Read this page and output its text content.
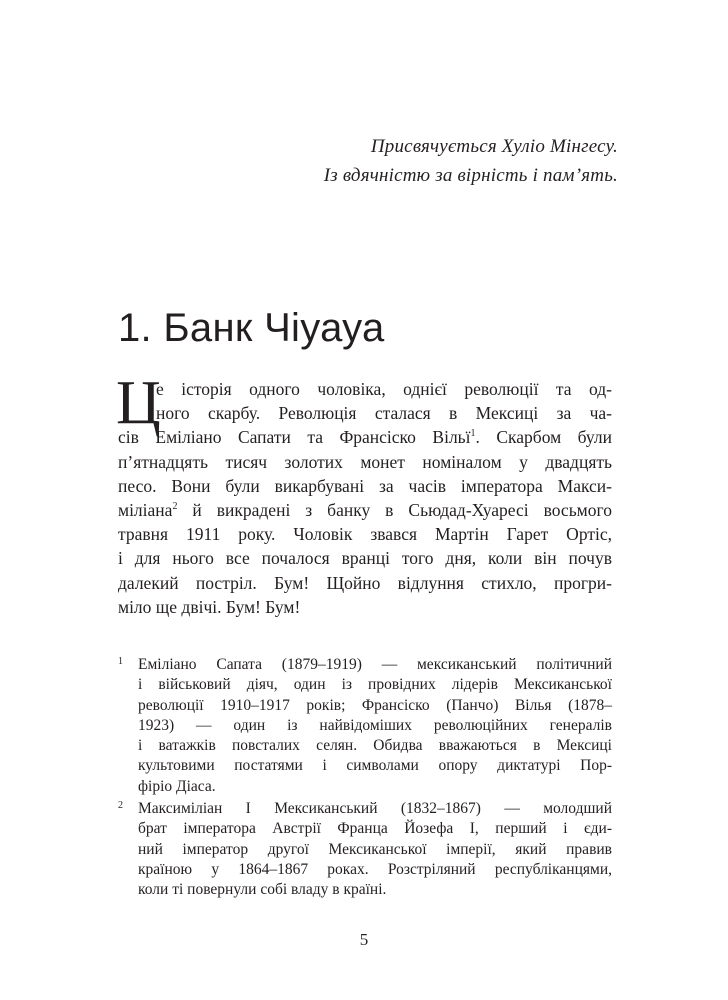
Присвячується Хуліо Мінгесу.
Із вдячністю за вірність і пам’ять.
1. Банк Чіуауа
Ц
е історія одного чоловіка, однієї революції та од-
ного скарбу. Революція сталася в Мексиці за ча-
сів Еміліано Сапати та Франсіско Вільї$^1$. Скарбом були
п’ятнадцять тисяч золотих монет номіналом у двадцять
песо. Вони були викарбувані за часів імператора Макси-
міліана$^2$ й викрадені з банку в Сьюдад-Хуаресі восьмого
травня 1911 року. Чоловік звався Мартін Гарет Ортіс,
і для нього все почалося вранці того дня, коли він почув
далекий постріл. Бум! Щойно відлуння стихло, прогри-
міло ще двічі. Бум! Бум!
1 Еміліано Сапата (1879–1919) — мексиканський політичний
і військовий діяч, один із провідних лідерів Мексиканської
революції 1910–1917 років; Франсіско (Панчо) Вілья (1878–
1923) — один із найвідоміших революційних генералів
і ватажків повсталих селян. Обидва вважаються в Мексиці
культовими постатями і символами опору диктатурі Пор-
фіріо Діаса.
2 Максиміліан I Мексиканський (1832–1867) — молодший
брат імператора Австрії Франца Йозефа I, перший і єди-
ний імператор другої Мексиканської імперії, який правив
країною у 1864–1867 роках. Розстріляний республіканцями,
коли ті повернули собі владу в країні.
5
